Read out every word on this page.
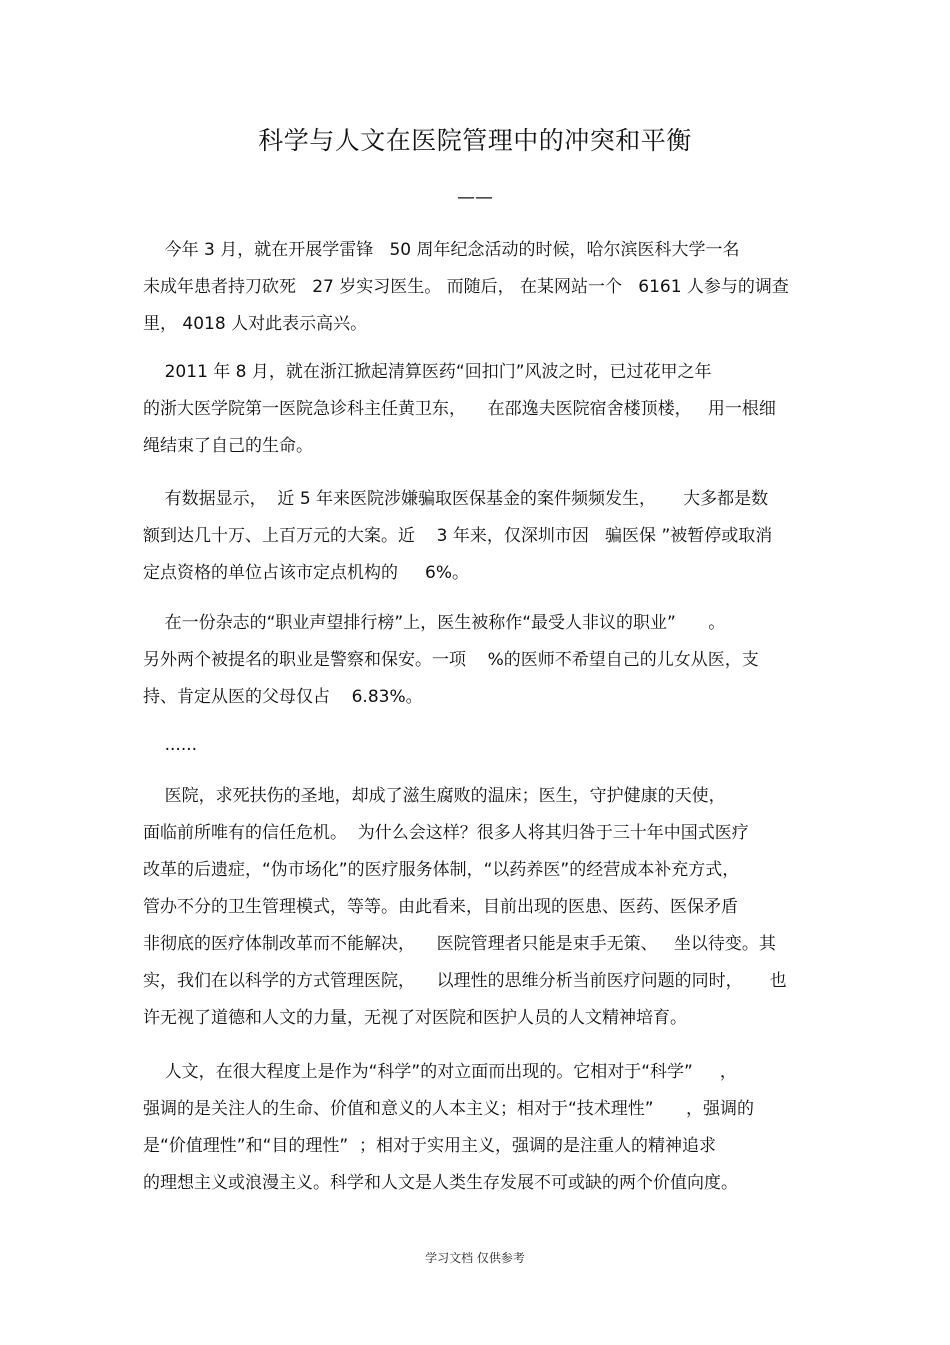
科学与人文在医院管理中的冲突和平衡
——
今年 3 月，就在开展学雷锋   50 周年纪念活动的时候，哈尔滨医科大学一名
未成年患者持刀砍死   27 岁实习医生。 而随后， 在某网站一个   6161 人参与的调查
里， 4018 人对此表示高兴。
2011 年 8 月，就在浙江掀起清算医药“回扣门”风波之时，已过花甲之年
的浙大医学院第一医院急诊科主任黄卫东，    在邵逸夫医院宿舍楼顶楼，   用一根细
绳结束了自己的生命。
有数据显示，  近 5 年来医院涉嫌骗取医保基金的案件频频发生，     大多都是数
额到达几十万、上百万元的大案。近    3 年来，仅深圳市因   骗医保 ”被暂停或取消
定点资格的单位占该市定点机构的     6%。
在一份杂志的“职业声望排行榜”上，医生被称作“最受人非议的职业”      。
另外两个被提名的职业是警察和保安。一项    %的医师不希望自己的儿女从医，支
持、肯定从医的父母仅占    6.83%。
......
医院，求死扶伤的圣地，却成了滋生腐败的温床；医生，守护健康的天使，
面临前所唯有的信任危机。  为什么会这样？很多人将其归咎于三十年中国式医疗
改革的后遗症，“伪市场化”的医疗服务体制，“以药养医”的经营成本补充方式，
管办不分的卫生管理模式，等等。由此看来，目前出现的医患、医药、医保矛盾
非彻底的医疗体制改革而不能解决，    医院管理者只能是束手无策、   坐以待变。其
实，我们在以科学的方式管理医院，    以理性的思维分析当前医疗问题的同时，     也
许无视了道德和人文的力量，无视了对医院和医护人员的人文精神培育。
人文，在很大程度上是作为“科学”的对立面而出现的。它相对于“科学”     ，
强调的是关注人的生命、价值和意义的人本主义；相对于“技术理性”      ，强调的
是“价值理性”和“目的理性”  ；相对于实用主义，强调的是注重人的精神追求
的理想主义或浪漫主义。科学和人文是人类生存发展不可或缺的两个价值向度。
学习文档 仅供参考
